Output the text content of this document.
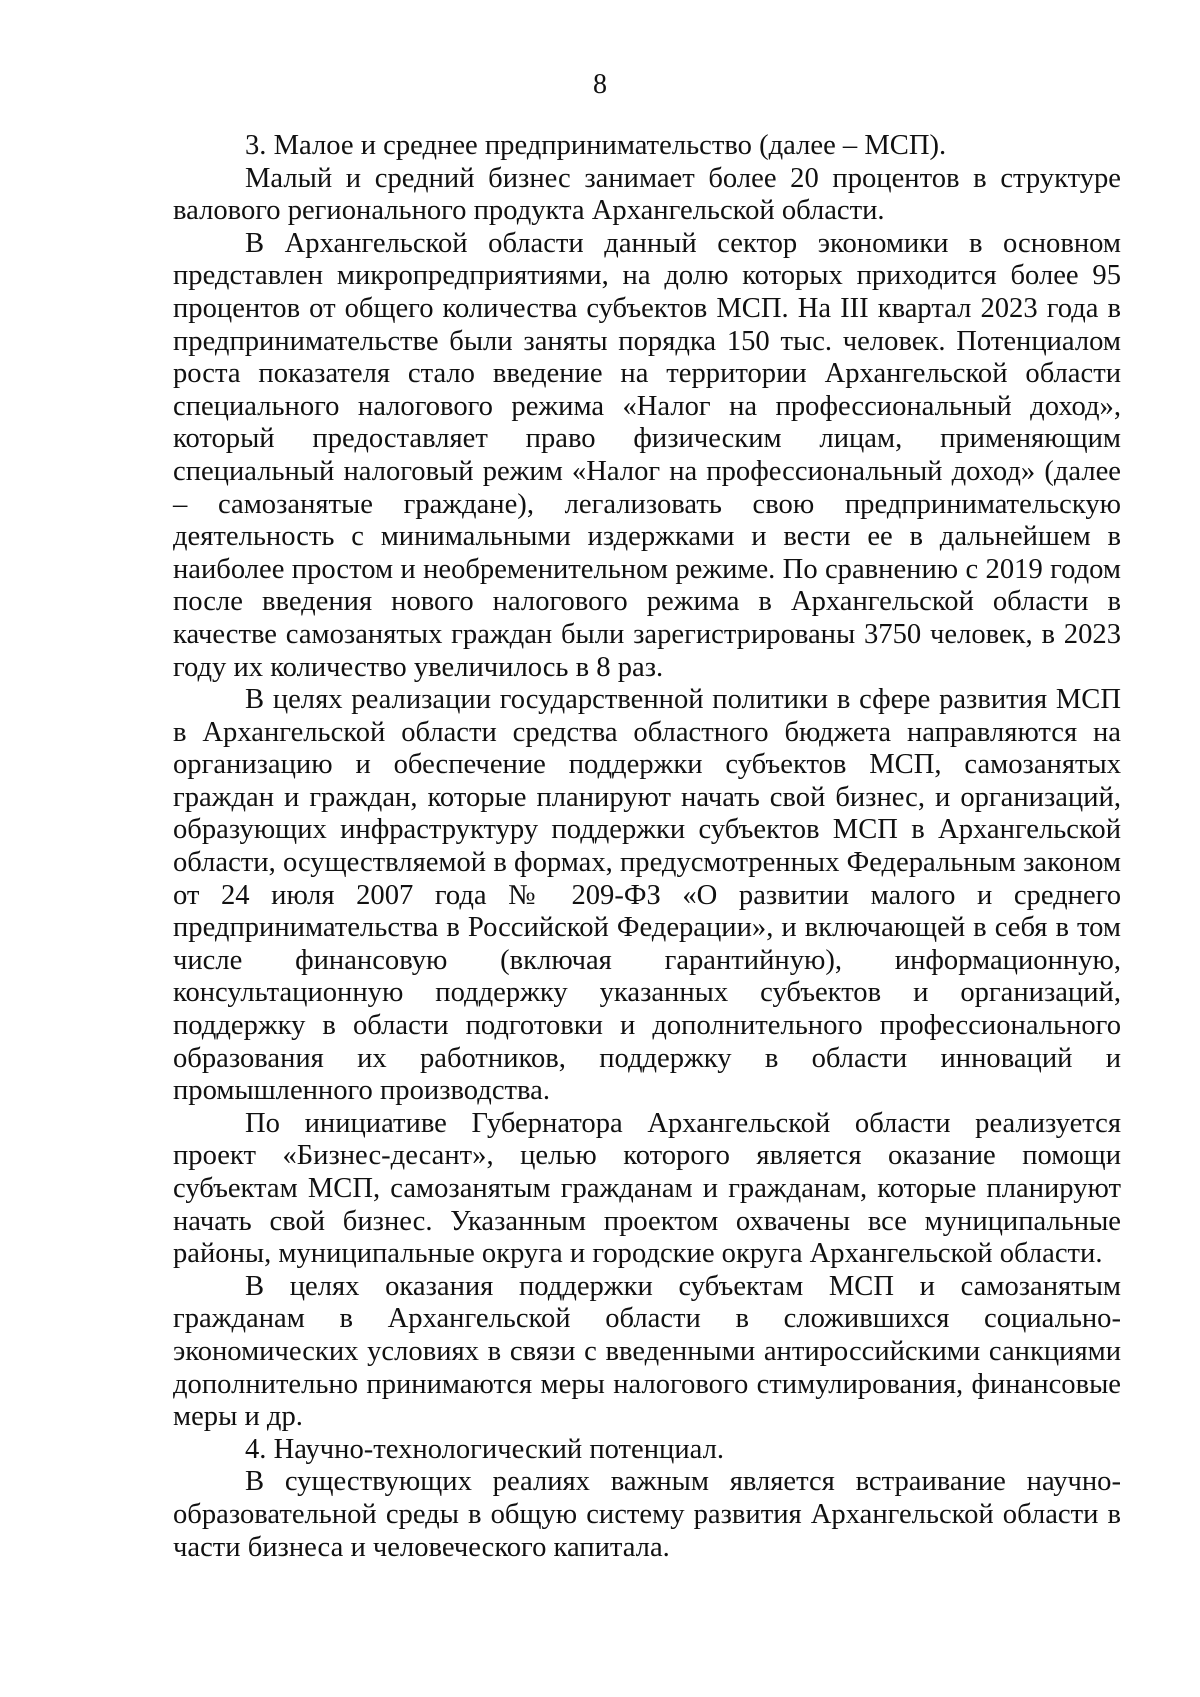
8

3. Малое и среднее предпринимательство (далее – МСП).

Малый и средний бизнес занимает более 20 процентов в структуре валового регионального продукта Архангельской области.

В Архангельской области данный сектор экономики в основном представлен микропредприятиями, на долю которых приходится более 95 процентов от общего количества субъектов МСП. На III квартал 2023 года в предпринимательстве были заняты порядка 150 тыс. человек. Потенциалом роста показателя стало введение на территории Архангельской области специального налогового режима «Налог на профессиональный доход», который предоставляет право физическим лицам, применяющим специальный налоговый режим «Налог на профессиональный доход» (далее – самозанятые граждане), легализовать свою предпринимательскую деятельность с минимальными издержками и вести ее в дальнейшем в наиболее простом и необременительном режиме. По сравнению с 2019 годом после введения нового налогового режима в Архангельской области в качестве самозанятых граждан были зарегистрированы 3750 человек, в 2023 году их количество увеличилось в 8 раз.

В целях реализации государственной политики в сфере развития МСП в Архангельской области средства областного бюджета направляются на организацию и обеспечение поддержки субъектов МСП, самозанятых граждан и граждан, которые планируют начать свой бизнес, и организаций, образующих инфраструктуру поддержки субъектов МСП в Архангельской области, осуществляемой в формах, предусмотренных Федеральным законом от 24 июля 2007 года № 209-ФЗ «О развитии малого и среднего предпринимательства в Российской Федерации», и включающей в себя в том числе финансовую (включая гарантийную), информационную, консультационную поддержку указанных субъектов и организаций, поддержку в области подготовки и дополнительного профессионального образования их работников, поддержку в области инноваций и промышленного производства.

По инициативе Губернатора Архангельской области реализуется проект «Бизнес-десант», целью которого является оказание помощи субъектам МСП, самозанятым гражданам и гражданам, которые планируют начать свой бизнес. Указанным проектом охвачены все муниципальные районы, муниципальные округа и городские округа Архангельской области.

В целях оказания поддержки субъектам МСП и самозанятым гражданам в Архангельской области в сложившихся социально-экономических условиях в связи с введенными антироссийскими санкциями дополнительно принимаются меры налогового стимулирования, финансовые меры и др.

4. Научно-технологический потенциал.

В существующих реалиях важным является встраивание научно-образовательной среды в общую систему развития Архангельской области в части бизнеса и человеческого капитала.
